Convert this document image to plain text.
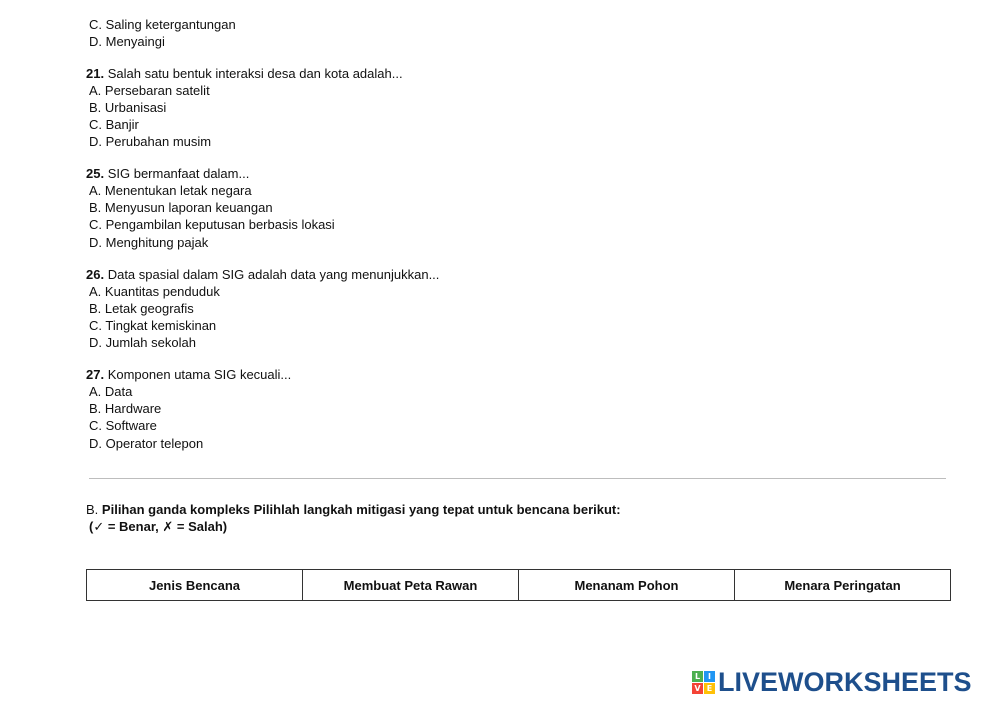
C. Saling ketergantungan
D. Menyaingi
21. Salah satu bentuk interaksi desa dan kota adalah...
A. Persebaran satelit
B. Urbanisasi
C. Banjir
D. Perubahan musim
25. SIG bermanfaat dalam...
A. Menentukan letak negara
B. Menyusun laporan keuangan
C. Pengambilan keputusan berbasis lokasi
D. Menghitung pajak
26. Data spasial dalam SIG adalah data yang menunjukkan...
A. Kuantitas penduduk
B. Letak geografis
C. Tingkat kemiskinan
D. Jumlah sekolah
27. Komponen utama SIG kecuali...
A. Data
B. Hardware
C. Software
D. Operator telepon
B. Pilihan ganda kompleks Pilihlah langkah mitigasi yang tepat untuk bencana berikut:
(✓ = Benar, ✗ = Salah)
Jenis Bencana	Membuat Peta Rawan	Menanam Pohon	Menara Peringatan
L I
V E LIVEWORKSHEETS
